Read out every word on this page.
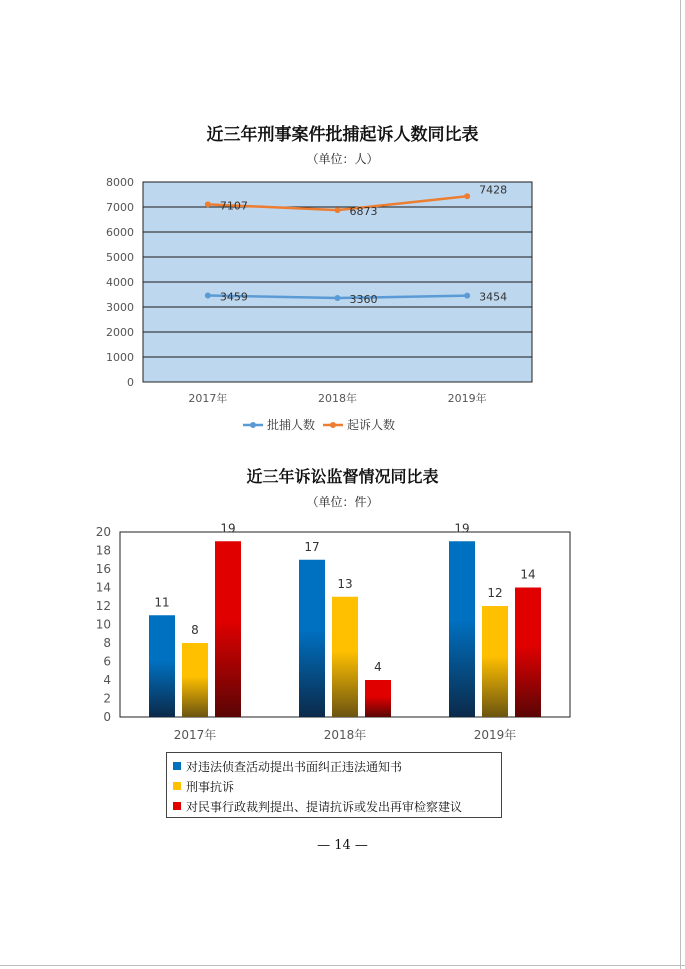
近三年刑事案件批捕起诉人数同比表
（单位：人）
0
1000
2000
3000
4000
5000
6000
7000
8000
2017年	2018年	2019年
3459	3360	3454
7107	6873
7428
批捕人数	起诉人数
近三年诉讼监督情况同比表
（单位：件）
0
2
4
6
8
10
12
14
16
18
20
2017年
11
8
19
2018年
17
13
4
2019年
19
12
14
对违法侦查活动提出书面纠正违法通知书
刑事抗诉
对民事行政裁判提出、提请抗诉或发出再审检察建议
— 14 —
